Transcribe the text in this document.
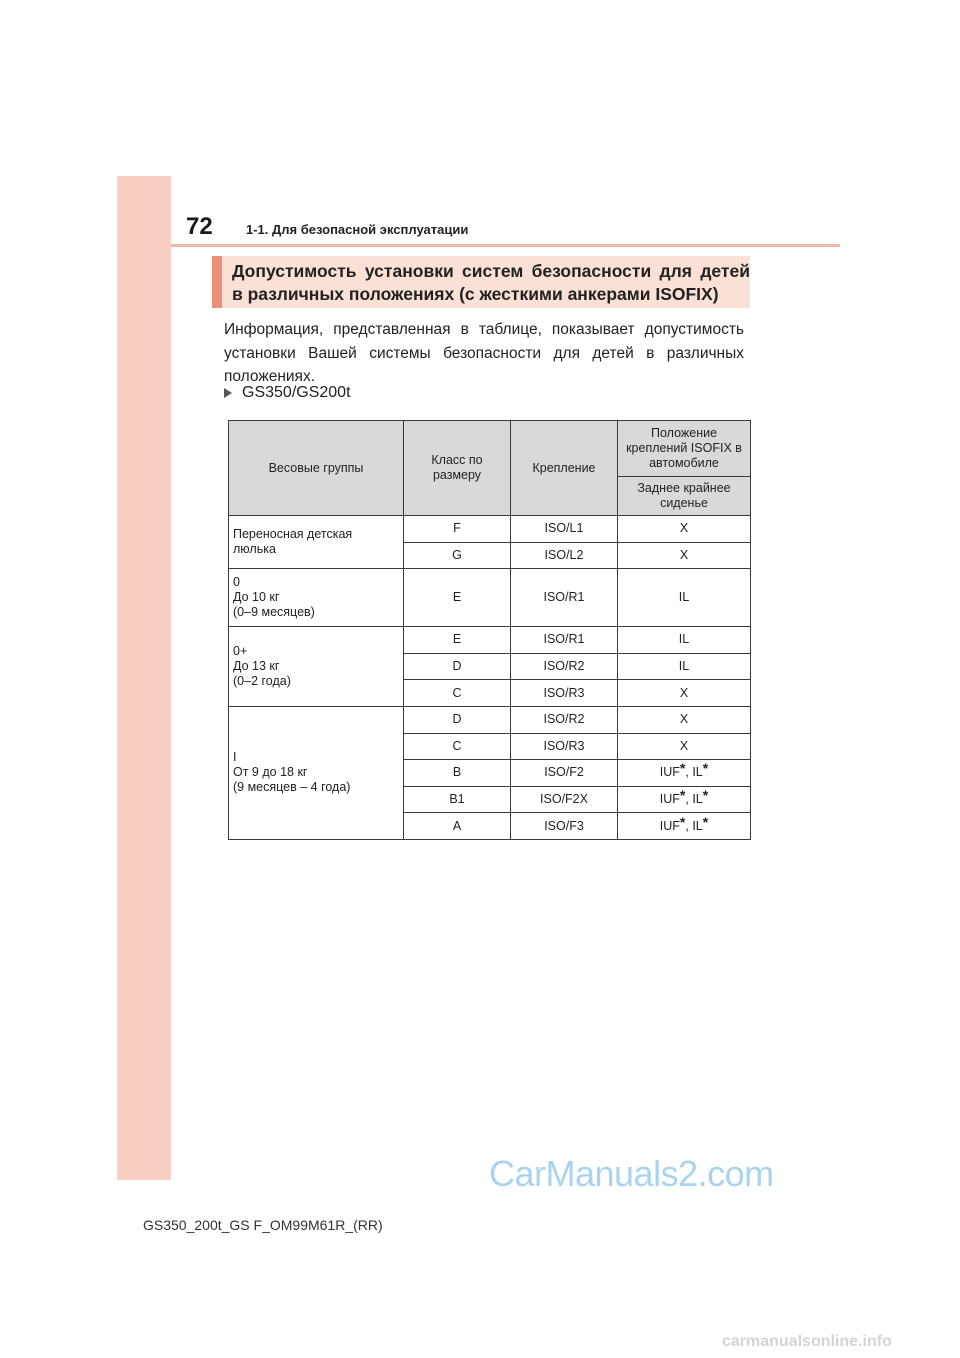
72	1-1. Для безопасной эксплуатации
Допустимость установки систем безопасности для детей
в различных положениях (с жесткими анкерами ISOFIX)
Информация, представленная в таблице, показывает допустимость
установки Вашей системы безопасности для детей в различных
положениях.
GS350/GS200t
Весовые группы	Класс по размеру	Крепление	Положение креплений ISOFIX в автомобиле
			Заднее крайнее сиденье

Переносная детская
люлька	F	ISO/L1	X
	G	ISO/L2	X

0
До 10 кг
(0–9 месяцев)	E	ISO/R1	IL

0+
До 13 кг
(0–2 года)	E	ISO/R1	IL
	D	ISO/R2	IL
	C	ISO/R3	X

I
От 9 до 18 кг
(9 месяцев – 4 года)	D	ISO/R2	X
	C	ISO/R3	X
	B	ISO/F2	IUF*, IL*
	B1	ISO/F2X	IUF*, IL*
	A	ISO/F3	IUF*, IL*
CarManuals2.com
GS350_200t_GS F_OM99M61R_(RR)
carmanualsonline.info
